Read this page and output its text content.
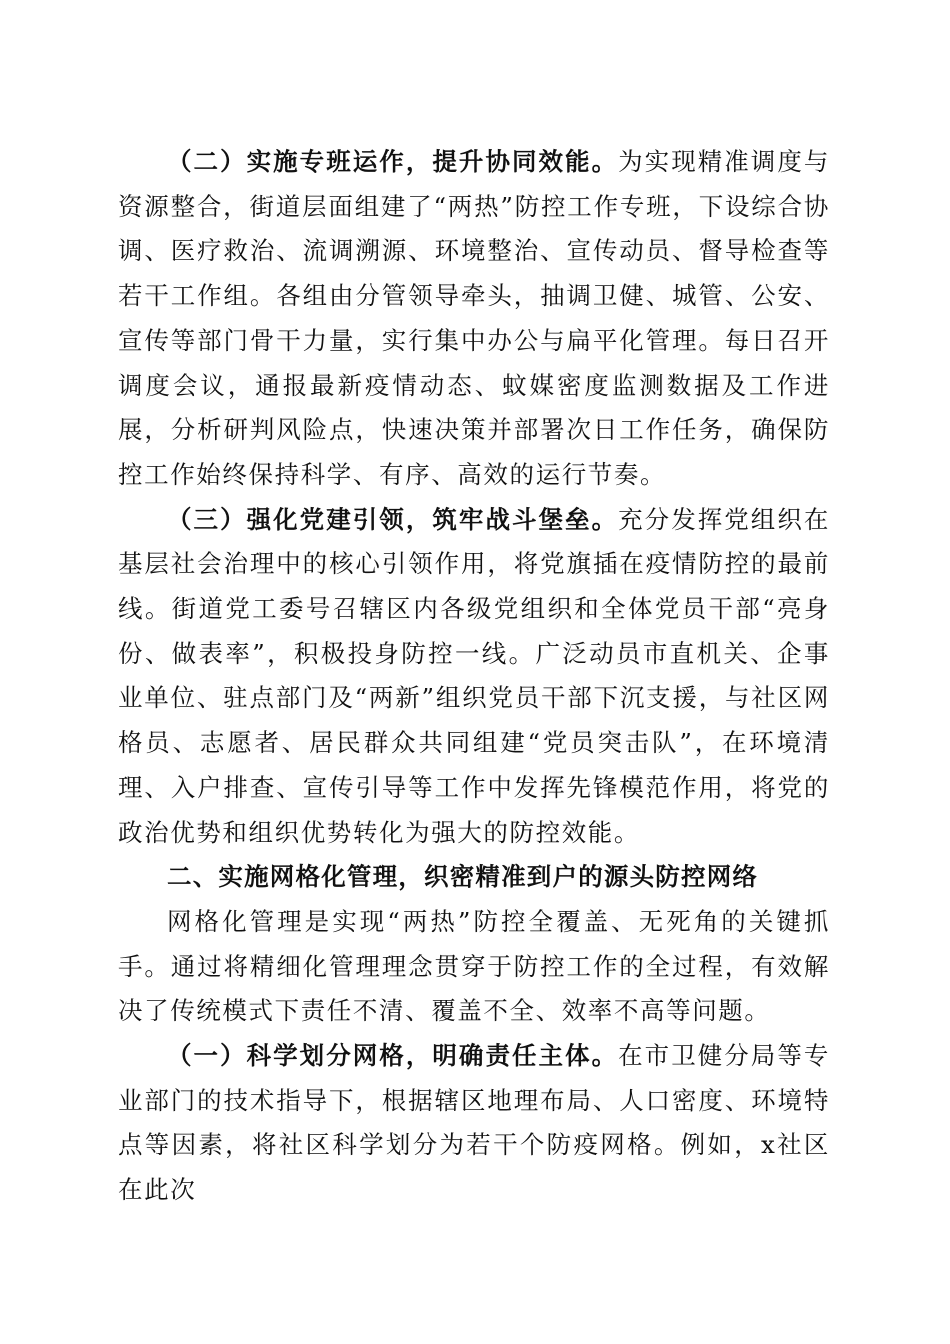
（二）实施专班运作，提升协同效能。为实现精准调度与资源整合，街道层面组建了“两热”防控工作专班，下设综合协调、医疗救治、流调溯源、环境整治、宣传动员、督导检查等若干工作组。各组由分管领导牵头，抽调卫健、城管、公安、宣传等部门骨干力量，实行集中办公与扁平化管理。每日召开调度会议，通报最新疫情动态、蚊媒密度监测数据及工作进展，分析研判风险点，快速决策并部署次日工作任务，确保防控工作始终保持科学、有序、高效的运行节奏。

（三）强化党建引领，筑牢战斗堡垒。充分发挥党组织在基层社会治理中的核心引领作用，将党旗插在疫情防控的最前线。街道党工委号召辖区内各级党组织和全体党员干部“亮身份、做表率”，积极投身防控一线。广泛动员市直机关、企事业单位、驻点部门及“两新”组织党员干部下沉支援，与社区网格员、志愿者、居民群众共同组建“党员突击队”，在环境清理、入户排查、宣传引导等工作中发挥先锋模范作用，将党的政治优势和组织优势转化为强大的防控效能。

二、实施网格化管理，织密精准到户的源头防控网络

网格化管理是实现“两热”防控全覆盖、无死角的关键抓手。通过将精细化管理理念贯穿于防控工作的全过程，有效解决了传统模式下责任不清、覆盖不全、效率不高等问题。

（一）科学划分网格，明确责任主体。在市卫健分局等专业部门的技术指导下，根据辖区地理布局、人口密度、环境特点等因素，将社区科学划分为若干个防疫网格。例如，x社区在此次
